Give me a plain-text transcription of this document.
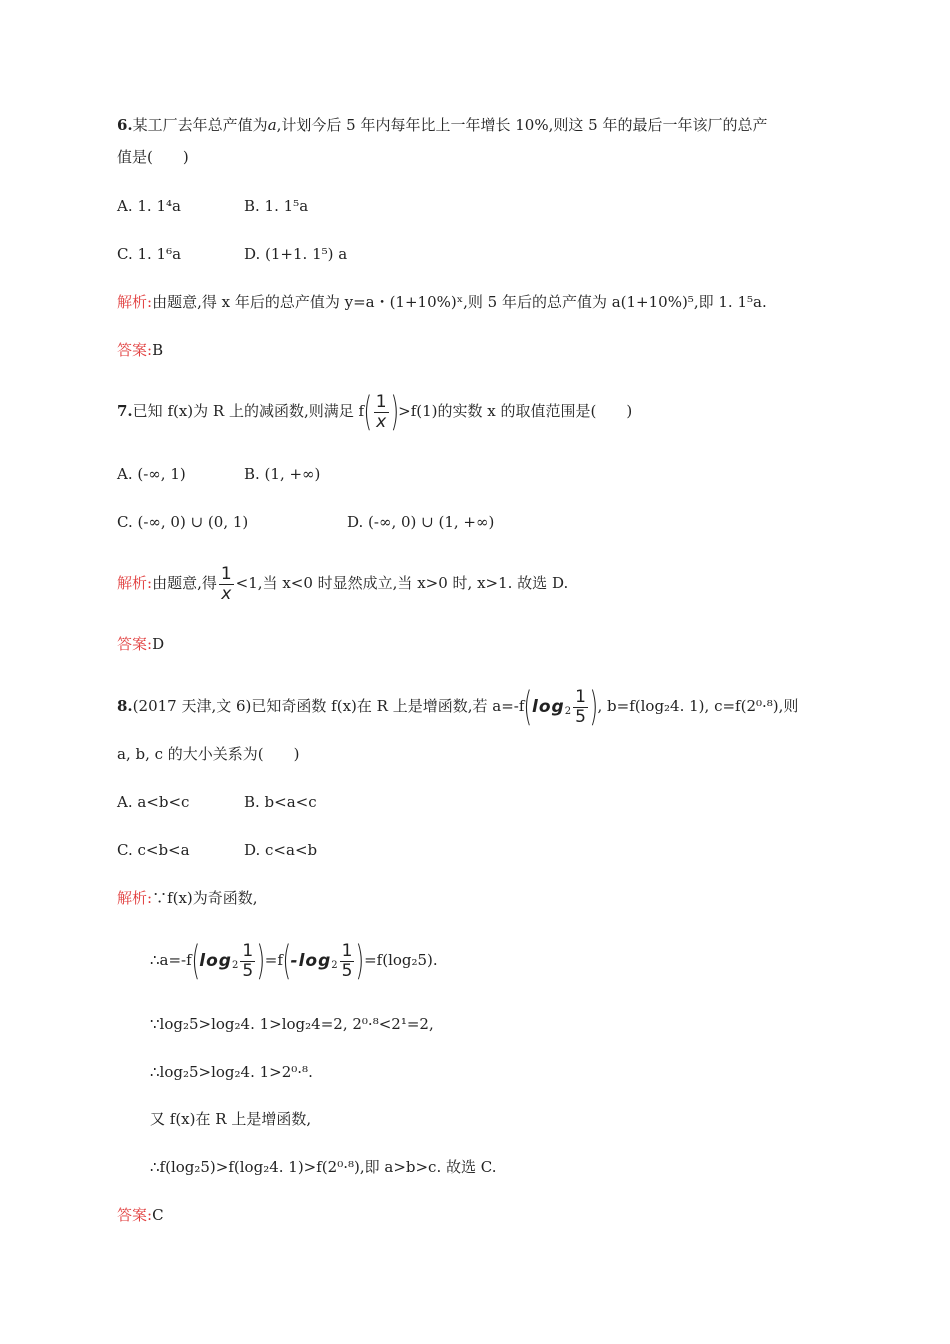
6.某工厂去年总产值为a,计划今后 5 年内每年比上一年增长 10%,则这 5 年的最后一年该厂的总产
值是(　　)
A. 1. 1⁴a	B. 1. 1⁵a
C. 1. 1⁶a	D. (1+1. 1⁵) a
解析:由题意,得 x 年后的总产值为 y=a・(1+10%)ˣ,则 5 年后的总产值为 a(1+10%)⁵,即 1. 1⁵a.
答案:B
7.已知 f(x)为 R 上的减函数,则满足 $f( \frac{1}{x} )>f(1)$的实数 x 的取值范围是(　　)
A. (-∞, 1)	B. (1, +∞)
C. (-∞, 0) ∪ (0, 1)	D. (-∞, 0) ∪ (1, +∞)
解析:由题意,得 $\frac{1}{x} <1$,当 x<0 时显然成立,当 x>0 时, x>1. 故选 D.
答案:D
8.(2017 天津,文 6)已知奇函数 f(x)在 R 上是增函数,若 $a=-f(\log_2 \frac{1}{5}$ ), b=f(log₂4. 1), c=f(2⁰·⁸),则
a, b, c 的大小关系为(　　)
A. a<b<c	B. b<a<c
C. c<b<a	D. c<a<b
解析:∵f(x)为奇函数,
$\therefore a=-f(\log_2 \frac{1}{5} )=f(-\log_2 \frac{1}{5} )=f(\log_25)$.
∵log₂5>log₂4. 1>log₂4=2, 2⁰·⁸<2¹=2,
∴log₂5>log₂4. 1>2⁰·⁸.
又 f(x)在 R 上是增函数,
∴f(log₂5)>f(log₂4. 1)>f(2⁰·⁸),即 a>b>c. 故选 C.
答案:C
